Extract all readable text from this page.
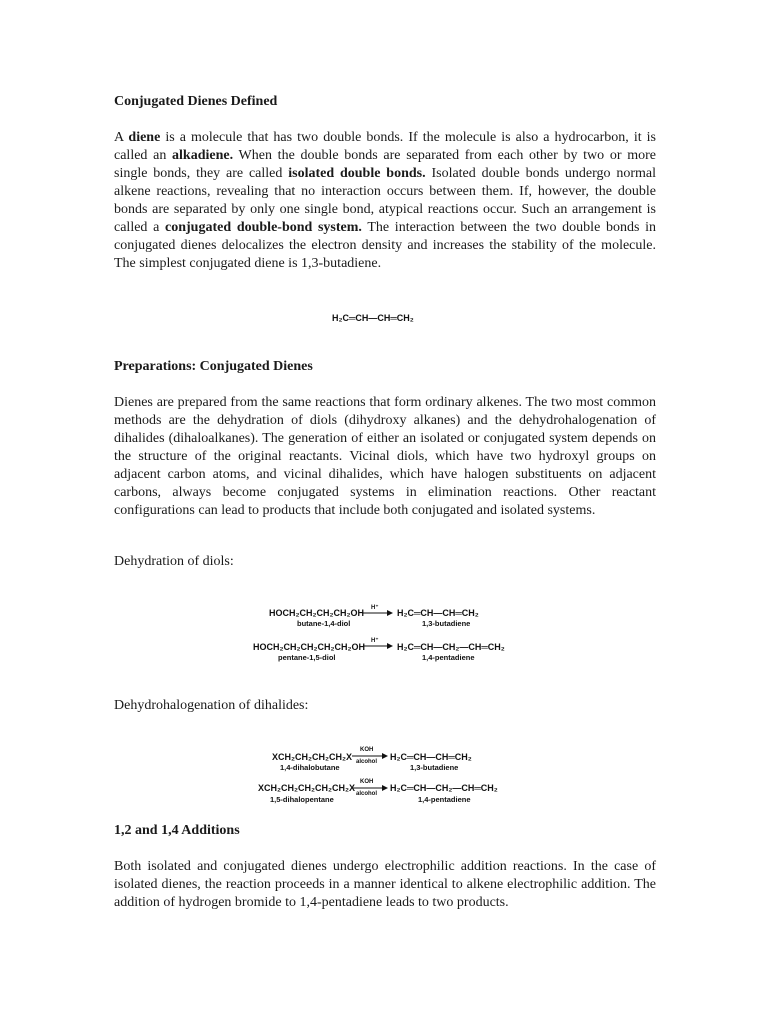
Conjugated Dienes Defined

A diene is a molecule that has two double bonds. If the molecule is also a hydrocarbon, it is called an alkadiene. When the double bonds are separated from each other by two or more single bonds, they are called isolated double bonds. Isolated double bonds undergo normal alkene reactions, revealing that no interaction occurs between them. If, however, the double bonds are separated by only one single bond, atypical reactions occur. Such an arrangement is called a conjugated double-bond system. The interaction between the two double bonds in conjugated dienes delocalizes the electron density and increases the stability of the molecule. The simplest conjugated diene is 1,3-butadiene.

H₂C═CH—CH═CH₂
Preparations: Conjugated Dienes

Dienes are prepared from the same reactions that form ordinary alkenes. The two most common methods are the dehydration of diols (dihydroxy alkanes) and the dehydrohalogenation of dihalides (dihaloalkanes). The generation of either an isolated or conjugated system depends on the structure of the original reactants. Vicinal diols, which have two hydroxyl groups on adjacent carbon atoms, and vicinal dihalides, which have halogen substituents on adjacent carbons, always become conjugated systems in elimination reactions. Other reactant configurations can lead to products that include both conjugated and isolated systems.

Dehydration of diols:

HOCH₂CH₂CH₂CH₂OH
butane-1,4-diol
H⁺ H₂C═CH—CH═CH₂
1,3-butadiene
HOCH₂CH₂CH₂CH₂CH₂OH
pentane-1,5-diol
H⁺
H₂C═CH—CH₂—CH═CH₂
1,4-pentadiene

Dehydrohalogenation of dihalides:

XCH₂CH₂CH₂CH₂X
1,4-dihalobutane
KOH
alcohol H₂C═CH—CH═CH₂
1,3-butadiene
XCH₂CH₂CH₂CH₂CH₂X
1,5-dihalopentane
KOH
alcohol
H₂C═CH—CH₂—CH═CH₂
1,4-pentadiene
1,2 and 1,4 Additions

Both isolated and conjugated dienes undergo electrophilic addition reactions. In the case of isolated dienes, the reaction proceeds in a manner identical to alkene electrophilic addition. The addition of hydrogen bromide to 1,4-pentadiene leads to two products.
